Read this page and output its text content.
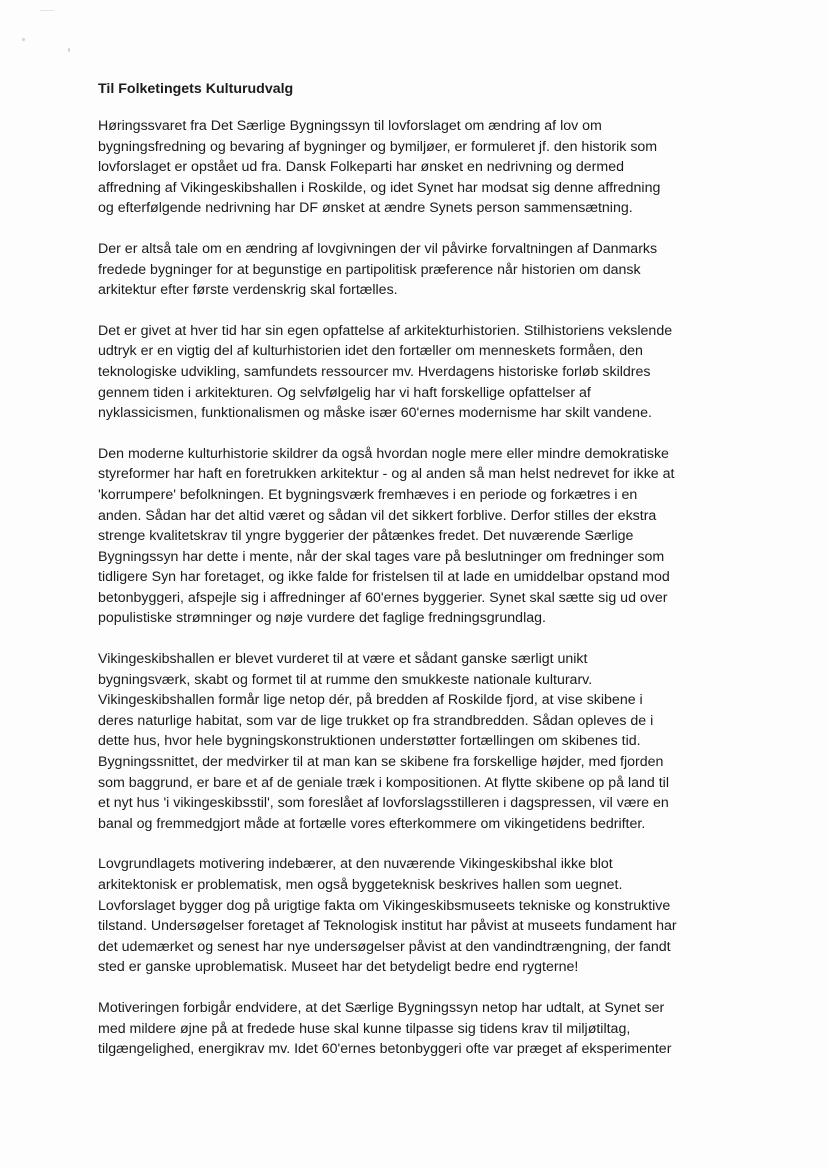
Til Folketingets Kulturudvalg
Høringssvaret fra Det Særlige Bygningssyn til lovforslaget om ændring af lov om
bygningsfredning og bevaring af bygninger og bymiljøer, er formuleret jf. den historik som
lovforslaget er opstået ud fra. Dansk Folkeparti har ønsket en nedrivning og dermed
affredning af Vikingeskibshallen i Roskilde, og idet Synet har modsat sig denne affredning
og efterfølgende nedrivning har DF ønsket at ændre Synets person sammensætning.
Der er altså tale om en ændring af lovgivningen der vil påvirke forvaltningen af Danmarks
fredede bygninger for at begunstige en partipolitisk præference når historien om dansk
arkitektur efter første verdenskrig skal fortælles.
Det er givet at hver tid har sin egen opfattelse af arkitekturhistorien. Stilhistoriens vekslende
udtryk er en vigtig del af kulturhistorien idet den fortæller om menneskets formåen, den
teknologiske udvikling, samfundets ressourcer mv. Hverdagens historiske forløb skildres
gennem tiden i arkitekturen. Og selvfølgelig har vi haft forskellige opfattelser af
nyklassicismen, funktionalismen og måske især 60'ernes modernisme har skilt vandene.
Den moderne kulturhistorie skildrer da også hvordan nogle mere eller mindre demokratiske
styreformer har haft en foretrukken arkitektur - og al anden så man helst nedrevet for ikke at
'korrumpere' befolkningen. Et bygningsværk fremhæves i en periode og forkætres i en
anden. Sådan har det altid været og sådan vil det sikkert forblive. Derfor stilles der ekstra
strenge kvalitetskrav til yngre byggerier der påtænkes fredet. Det nuværende Særlige
Bygningssyn har dette i mente, når der skal tages vare på beslutninger om fredninger som
tidligere Syn har foretaget, og ikke falde for fristelsen til at lade en umiddelbar opstand mod
betonbyggeri, afspejle sig i affredninger af 60'ernes byggerier. Synet skal sætte sig ud over
populistiske strømninger og nøje vurdere det faglige fredningsgrundlag.
Vikingeskibshallen er blevet vurderet til at være et sådant ganske særligt unikt
bygningsværk, skabt og formet til at rumme den smukkeste nationale kulturarv.
Vikingeskibshallen formår lige netop dér, på bredden af Roskilde fjord, at vise skibene i
deres naturlige habitat, som var de lige trukket op fra strandbredden. Sådan opleves de i
dette hus, hvor hele bygningskonstruktionen understøtter fortællingen om skibenes tid.
Bygningssnittet, der medvirker til at man kan se skibene fra forskellige højder, med fjorden
som baggrund, er bare et af de geniale træk i kompositionen. At flytte skibene op på land til
et nyt hus 'i vikingeskibsstil', som foreslået af lovforslagsstilleren i dagspressen, vil være en
banal og fremmedgjort måde at fortælle vores efterkommere om vikingetidens bedrifter.
Lovgrundlagets motivering indebærer, at den nuværende Vikingeskibshal ikke blot
arkitektonisk er problematisk, men også byggeteknisk beskrives hallen som uegnet.
Lovforslaget bygger dog på urigtige fakta om Vikingeskibsmuseets tekniske og konstruktive
tilstand. Undersøgelser foretaget af Teknologisk institut har påvist at museets fundament har
det udemærket og senest har nye undersøgelser påvist at den vandindtrængning, der fandt
sted er ganske uproblematisk. Museet har det betydeligt bedre end rygterne!
Motiveringen forbigår endvidere, at det Særlige Bygningssyn netop har udtalt, at Synet ser
med mildere øjne på at fredede huse skal kunne tilpasse sig tidens krav til miljøtiltag,
tilgængelighed, energikrav mv. Idet 60'ernes betonbyggeri ofte var præget af eksperimenter
